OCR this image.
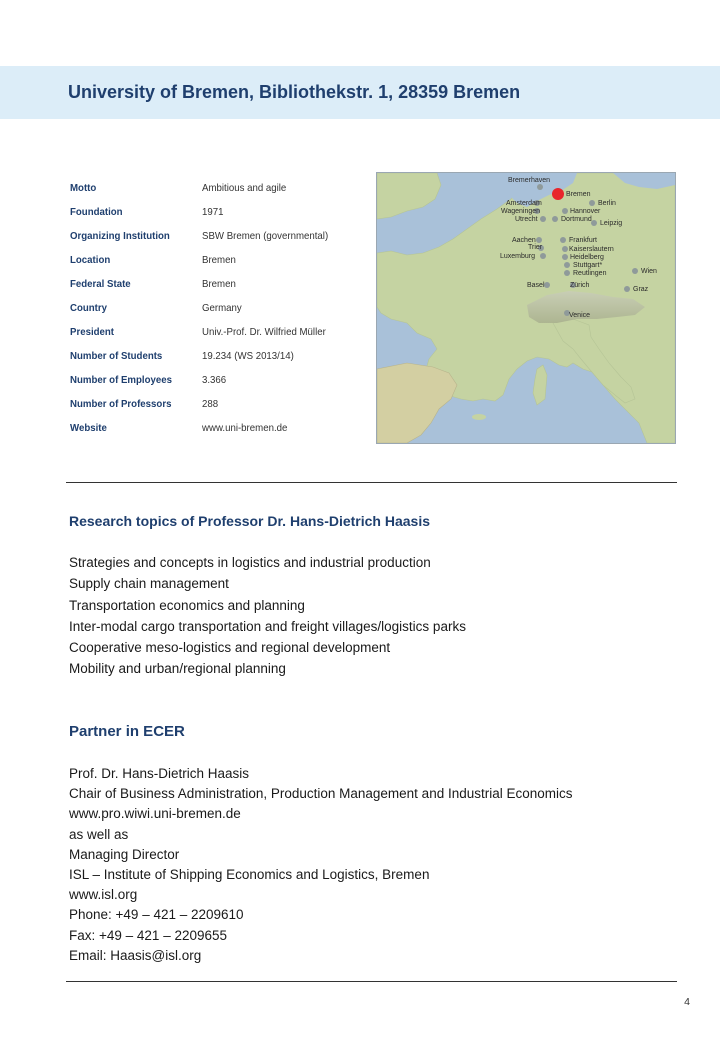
University of Bremen, Bibliothekstr. 1, 28359 Bremen
Motto	Ambitious and agile
Foundation	1971
Organizing Institution	SBW Bremen (governmental)
Location	Bremen
Federal State	Bremen
Country	Germany
President	Univ.-Prof. Dr. Wilfried Müller
Number of Students	19.234 (WS 2013/14)
Number of Employees	3.366
Number of Professors	288
Website	www.uni-bremen.de
Bremerhaven
Bremen
Amsterdam
Wageningen
Utrecht
Berlin
Hannover
Dortmund
Leipzig
Aachen	Frankfurt
Kaiserslautern
Trier
Heidelberg
Luxemburg
Stuttgart*
Reutlingen	Wien
Basel	Zürich
Graz
Venice
Research topics of Professor Dr. Hans-Dietrich Haasis
Strategies and concepts in logistics and industrial production
Supply chain management
Transportation economics and planning
Inter-modal cargo transportation and freight villages/logistics parks
Cooperative meso-logistics and regional development
Mobility and urban/regional planning
Partner in ECER
Prof. Dr. Hans-Dietrich Haasis
Chair of Business Administration, Production Management and Industrial Economics
www.pro.wiwi.uni-bremen.de
as well as
Managing Director
ISL – Institute of Shipping Economics and Logistics, Bremen
www.isl.org
Phone: +49 – 421 – 2209610
Fax: +49 – 421 – 2209655
Email: Haasis@isl.org
4
